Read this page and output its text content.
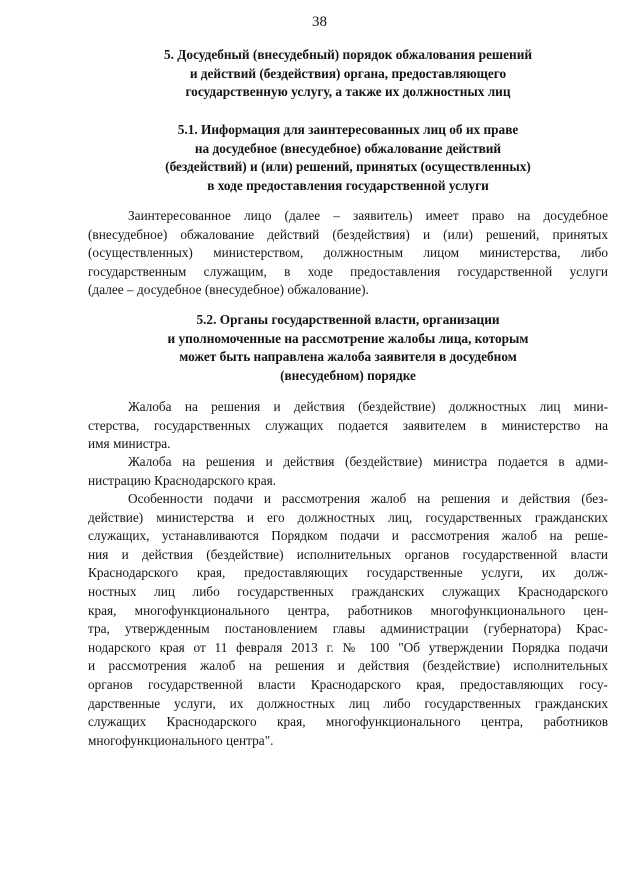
38
5. Досудебный (внесудебный) порядок обжалования решений
и действий (бездействия) органа, предоставляющего
государственную услугу, а также их должностных лиц
5.1. Информация для заинтересованных лиц об их праве
на досудебное (внесудебное) обжалование действий
(бездействий) и (или) решений, принятых (осуществленных)
в ходе предоставления государственной услуги
Заинтересованное лицо (далее – заявитель) имеет право на досудебное
(внесудебное) обжалование действий (бездействия) и (или) решений, принятых
(осуществленных) министерством, должностным лицом министерства, либо
государственным служащим, в ходе предоставления государственной услуги
(далее – досудебное (внесудебное) обжалование).
5.2. Органы государственной власти, организации
и уполномоченные на рассмотрение жалобы лица, которым
может быть направлена жалоба заявителя в досудебном
(внесудебном) порядке
Жалоба на решения и действия (бездействие) должностных лиц мини-
стерства, государственных служащих подается заявителем в министерство на
имя министра.
Жалоба на решения и действия (бездействие) министра подается в адми-
нистрацию Краснодарского края.
Особенности подачи и рассмотрения жалоб на решения и действия (без-
действие) министерства и его должностных лиц, государственных гражданских
служащих, устанавливаются Порядком подачи и рассмотрения жалоб на реше-
ния и действия (бездействие) исполнительных органов государственной власти
Краснодарского края, предоставляющих государственные услуги, их долж-
ностных лиц либо государственных гражданских служащих Краснодарского
края, многофункционального центра, работников многофункционального цен-
тра, утвержденным постановлением главы администрации (губернатора) Крас-
нодарского края от 11 февраля 2013 г. № 100 "Об утверждении Порядка подачи
и рассмотрения жалоб на решения и действия (бездействие) исполнительных
органов государственной власти Краснодарского края, предоставляющих госу-
дарственные услуги, их должностных лиц либо государственных гражданских
служащих Краснодарского края, многофункционального центра, работников
многофункционального центра".
